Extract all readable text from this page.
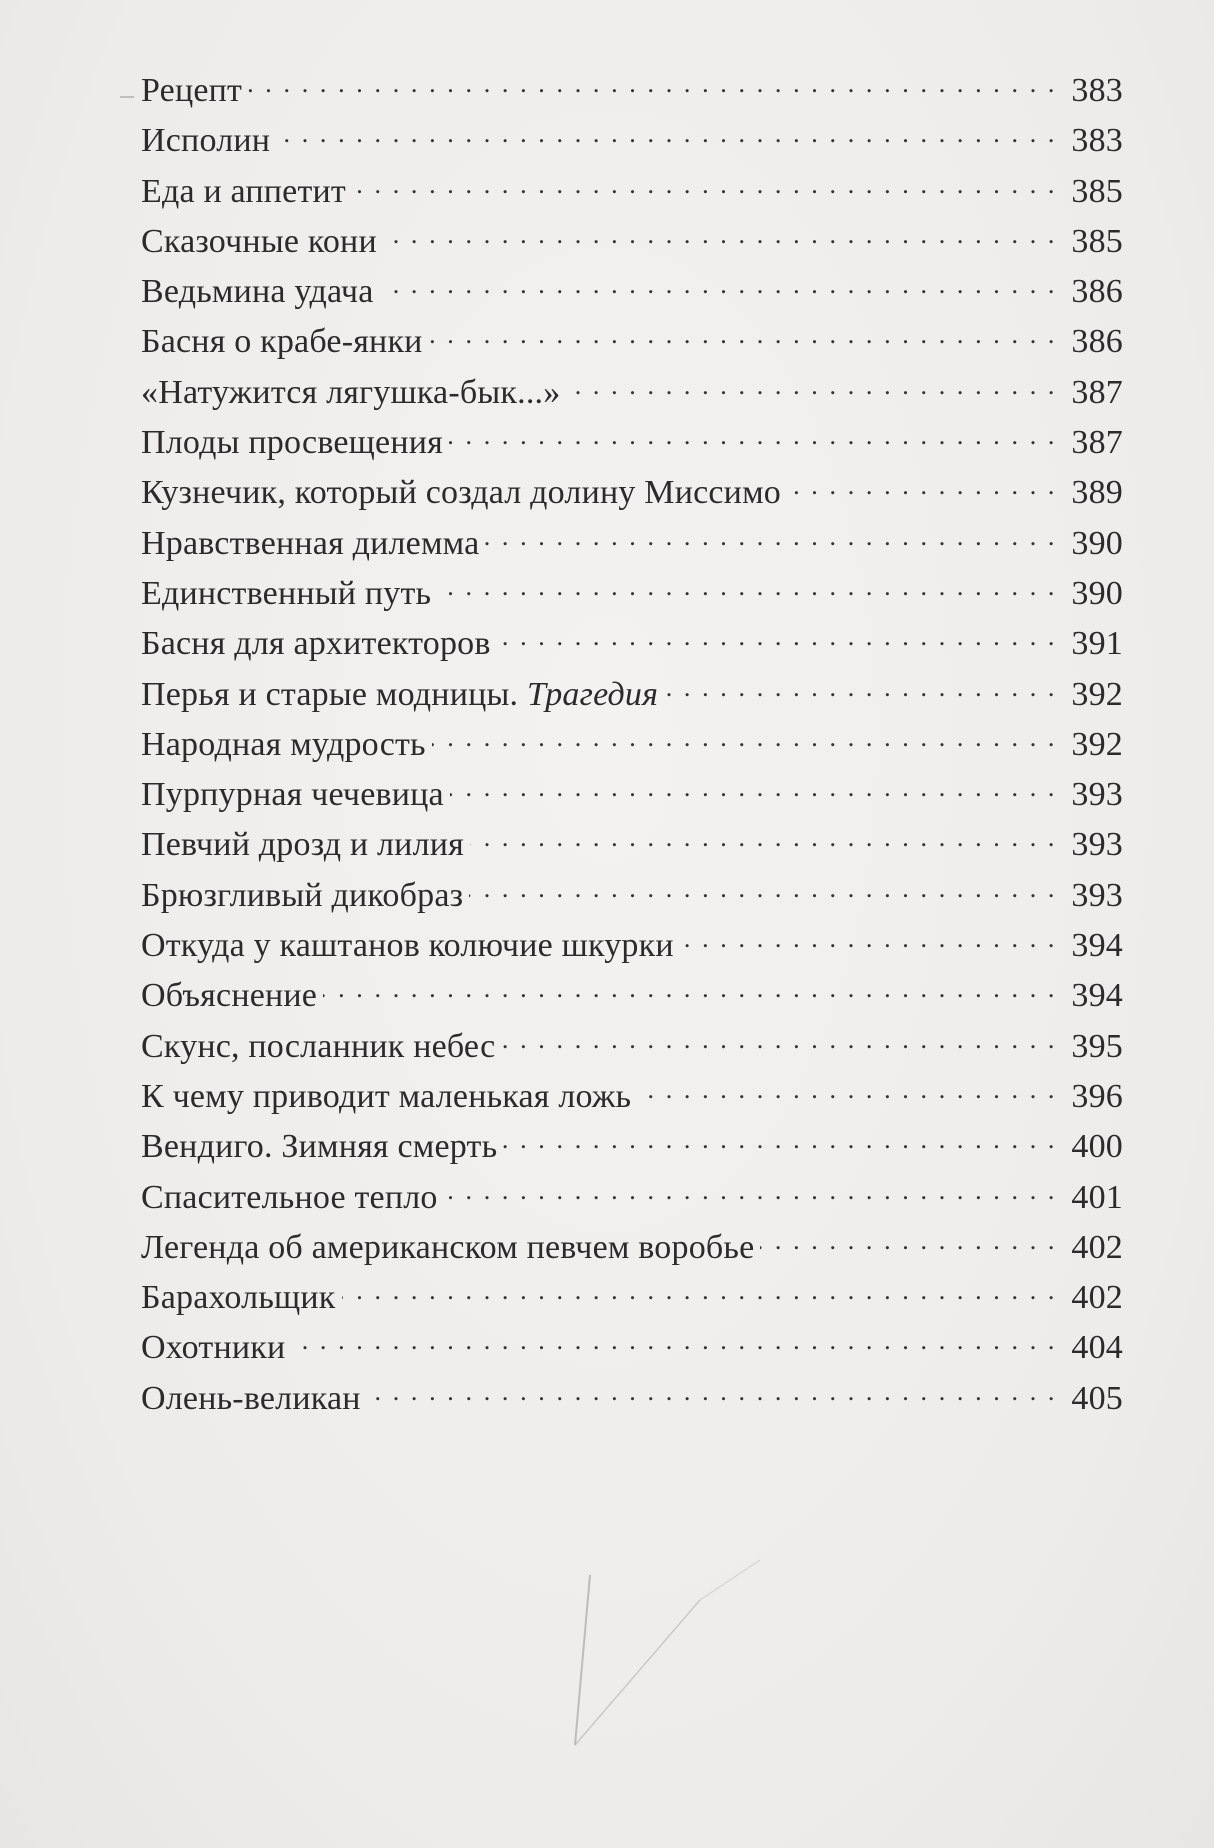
Рецепт . . .	383
Исполин . . .	383
Еда и аппетит . . .	385
Сказочные кони . . .	385
Ведьмина удача . . .	386
Басня о крабе-янки . . .	386
«Натужится лягушка-бык...» . . .	387
Плоды просвещения . . .	387
Кузнечик, который создал долину Миссимо . . .	389
Нравственная дилемма . . .	390
Единственный путь . . .	390
Басня для архитекторов . . .	391
Перья и старые модницы. Трагедия . . .	392
Народная мудрость . . .	392
Пурпурная чечевица . . .	393
Певчий дрозд и лилия . . .	393
Брюзгливый дикобраз . . .	393
Откуда у каштанов колючие шкурки . . .	394
Объяснение . . .	394
Скунс, посланник небес . . .	395
К чему приводит маленькая ложь . . .	396
Вендиго. Зимняя смерть . . .	400
Спасительное тепло . . .	401
Легенда об американском певчем воробье . . .	402
Барахольщик . . .	402
Охотники . . .	404
Олень-великан . . .	405
